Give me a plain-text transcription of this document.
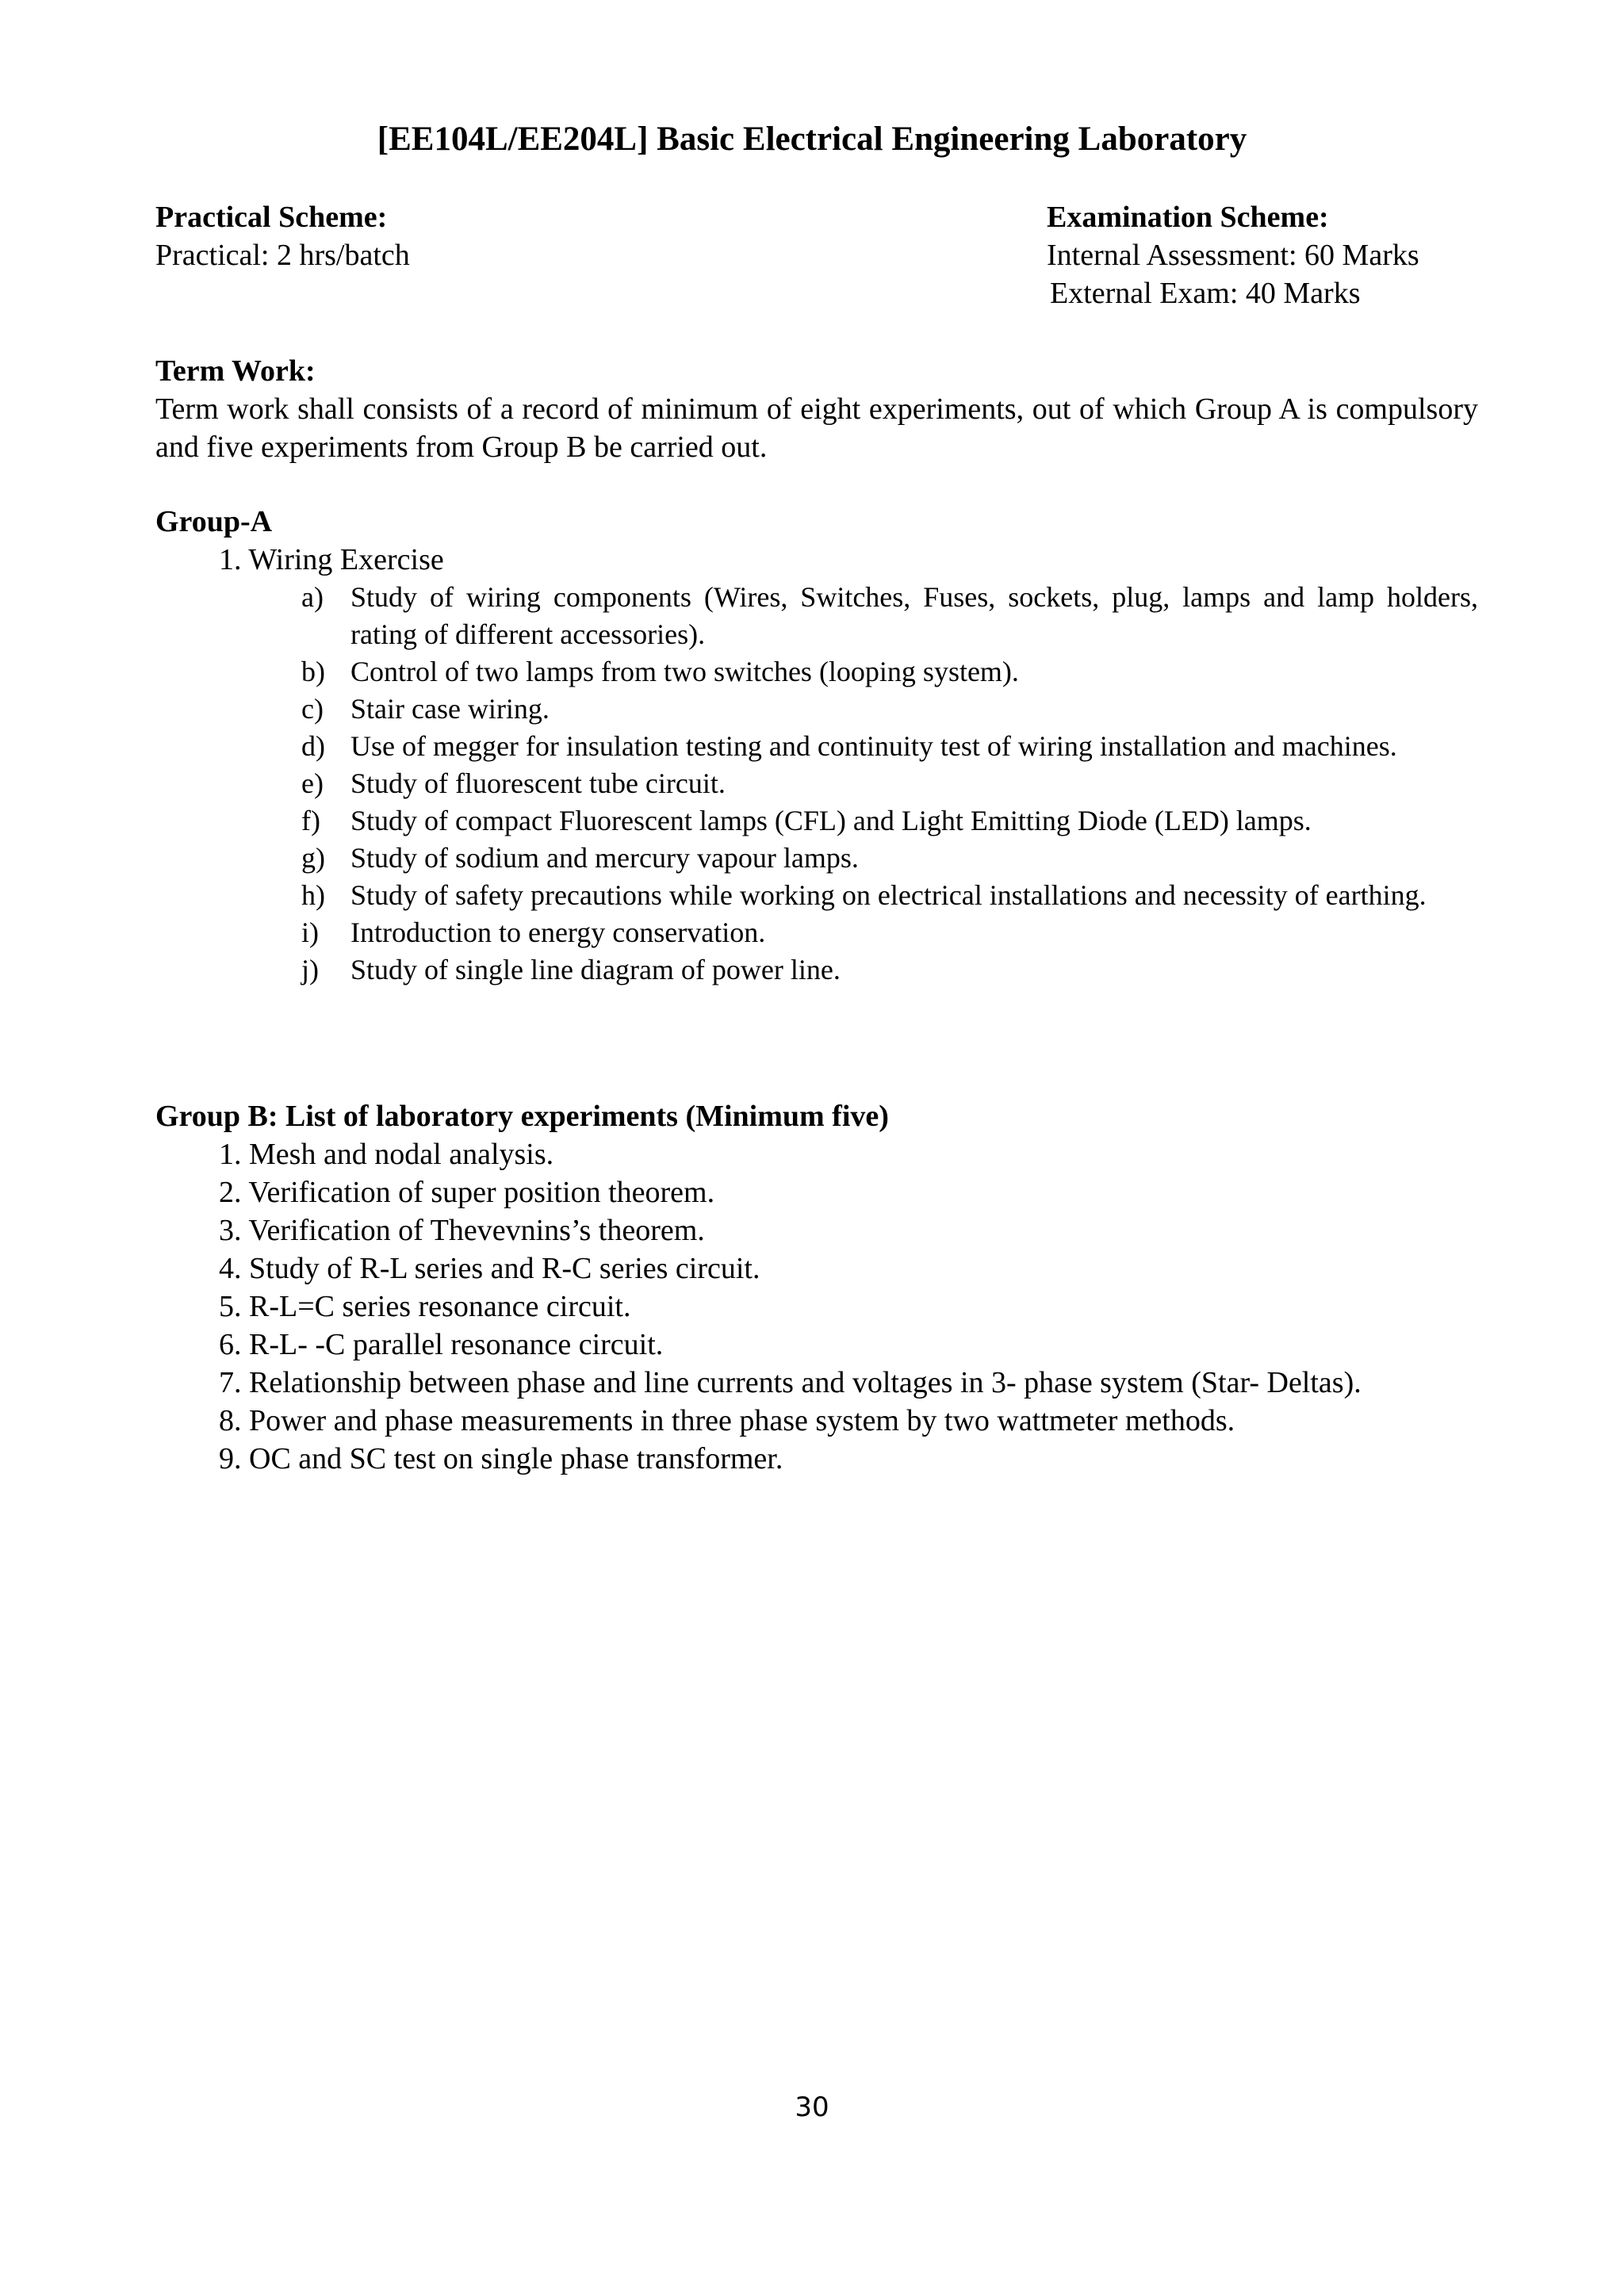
[EE104L/EE204L] Basic Electrical Engineering Laboratory
Practical Scheme:
Practical: 2 hrs/batch
Examination Scheme:
Internal Assessment: 60 Marks
External Exam: 40 Marks
Term Work:
Term work shall consists of a record of minimum of eight experiments, out of which Group A is compulsory and five experiments from Group B be carried out.
Group-A
1. Wiring Exercise
a) Study of wiring components (Wires, Switches, Fuses, sockets, plug, lamps and lamp holders, rating of different accessories).
b) Control of two lamps from two switches (looping system).
c) Stair case wiring.
d) Use of megger for insulation testing and continuity test of wiring installation and machines.
e) Study of fluorescent tube circuit.
f)	Study of compact Fluorescent lamps (CFL) and Light Emitting Diode (LED) lamps.
g) Study of sodium and mercury vapour lamps.
h) Study of safety precautions while working on electrical installations and necessity of earthing.
i)	Introduction to energy conservation.
j)	Study of single line diagram of power line.
Group B: List of laboratory experiments (Minimum five)
1. Mesh and nodal analysis.
2. Verification of super position theorem.
3. Verification of Thevevnins’s theorem.
4. Study of R-L series and R-C series circuit.
5. R-L=C series resonance circuit.
6. R-L- -C parallel resonance circuit.
7. Relationship between phase and line currents and voltages in 3- phase system (Star- Deltas).
8. Power and phase measurements in three phase system by two wattmeter methods.
9. OC and SC test on single phase transformer.
30
